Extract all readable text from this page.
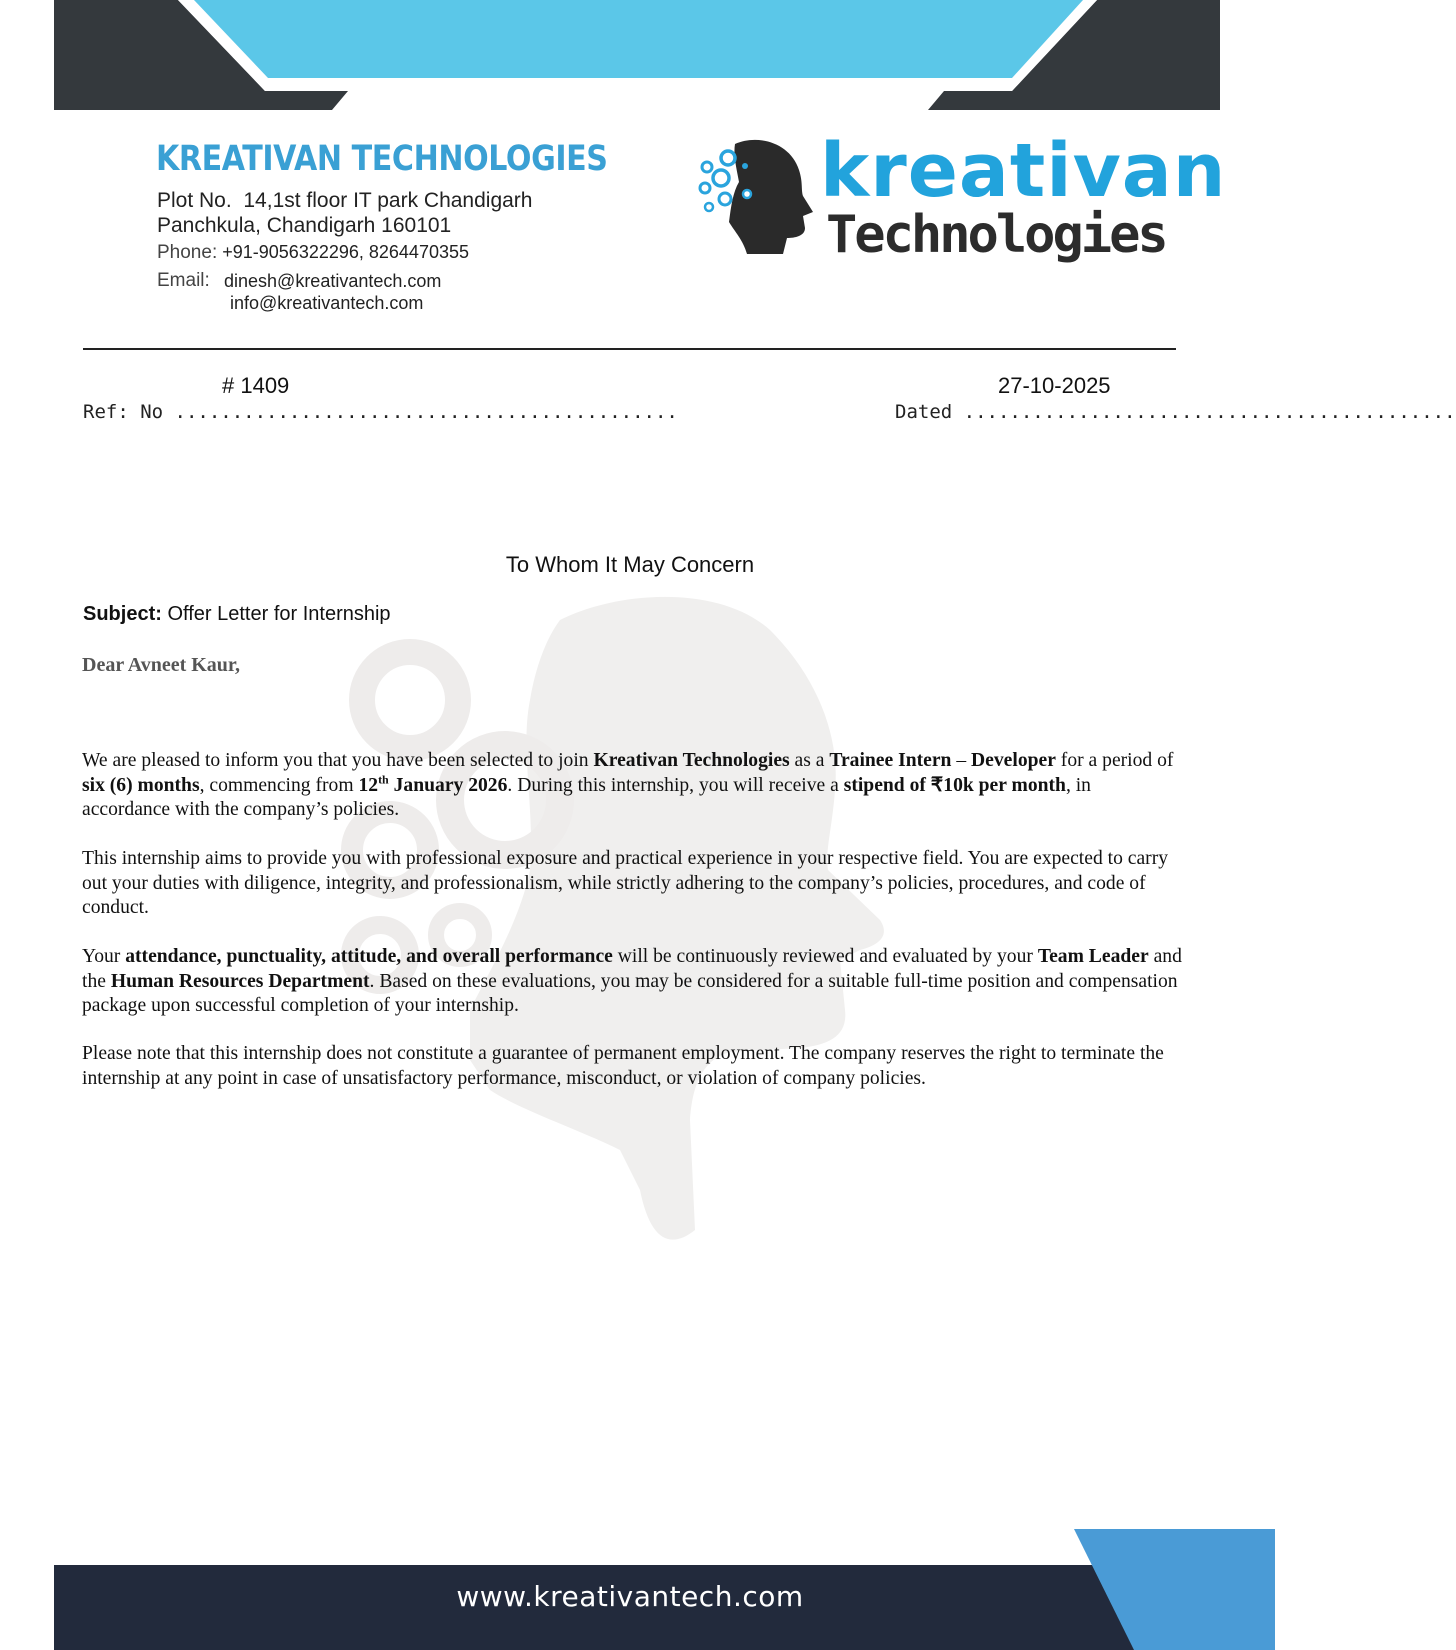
KREATIVAN TECHNOLOGIES
Plot No. 14,1st floor IT park Chandigarh
Panchkula, Chandigarh 160101
Phone: +91-9056322296, 8264470355
Email: dinesh@kreativantech.com
info@kreativantech.com
kreativan
Technologies
# 1409
Ref: No ............................................
27-10-2025
Dated ...........................................
To Whom It May Concern
Subject: Offer Letter for Internship
Dear Avneet Kaur,
We are pleased to inform you that you have been selected to join Kreativan Technologies as a Trainee Intern – Developer for a period of six (6) months, commencing from 12th January 2026. During this internship, you will receive a stipend of ₹10k per month, in accordance with the company’s policies.
This internship aims to provide you with professional exposure and practical experience in your respective field. You are expected to carry out your duties with diligence, integrity, and professionalism, while strictly adhering to the company’s policies, procedures, and code of conduct.
Your attendance, punctuality, attitude, and overall performance will be continuously reviewed and evaluated by your Team Leader and the Human Resources Department. Based on these evaluations, you may be considered for a suitable full-time position and compensation package upon successful completion of your internship.
Please note that this internship does not constitute a guarantee of permanent employment. The company reserves the right to terminate the internship at any point in case of unsatisfactory performance, misconduct, or violation of company policies.
www.kreativantech.com
